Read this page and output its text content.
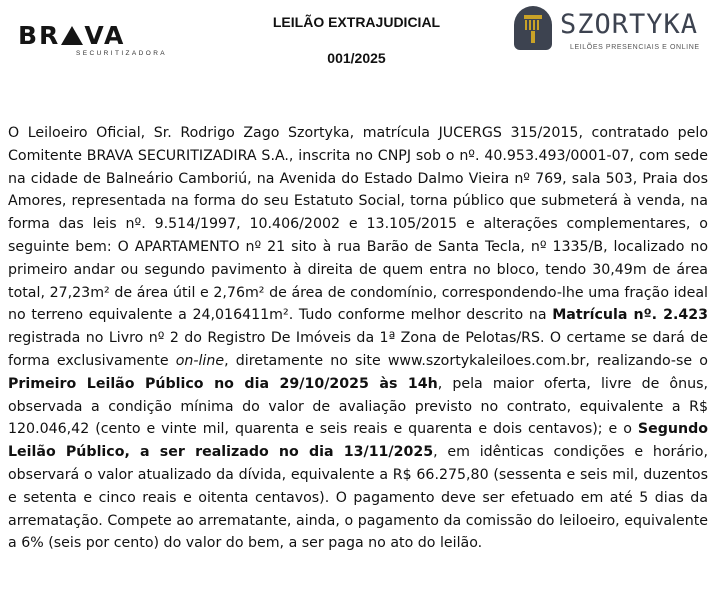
BR VA
SECURITIZADORA
LEILÃO EXTRAJUDICIAL
001/2025
SZORTYKA
LEILÕES PRESENCIAIS E ONLINE
O Leiloeiro Oficial, Sr. Rodrigo Zago Szortyka, matrícula JUCERGS 315/2015, contratado pelo Comitente BRAVA SECURITIZADIRA S.A., inscrita no CNPJ sob o nº. 40.953.493/0001-07, com sede na cidade de Balneário Camboriú, na Avenida do Estado Dalmo Vieira nº 769, sala 503, Praia dos Amores, representada na forma do seu Estatuto Social, torna público que submeterá à venda, na forma das leis nº. 9.514/1997, 10.406/2002 e 13.105/2015 e alterações complementares, o seguinte bem: O APARTAMENTO nº 21 sito à rua Barão de Santa Tecla, nº 1335/B, localizado no primeiro andar ou segundo pavimento à direita de quem entra no bloco, tendo 30,49m de área total, 27,23m² de área útil e 2,76m² de área de condomínio, correspondendo-lhe uma fração ideal no terreno equivalente a 24,016411m². Tudo conforme melhor descrito na Matrícula nº. 2.423 registrada no Livro nº 2 do Registro De Imóveis da 1ª Zona de Pelotas/RS. O certame se dará de forma exclusivamente on-line, diretamente no site www.szortykaleiloes.com.br, realizando-se o Primeiro Leilão Público no dia 29/10/2025 às 14h, pela maior oferta, livre de ônus, observada a condição mínima do valor de avaliação previsto no contrato, equivalente a R$ 120.046,42 (cento e vinte mil, quarenta e seis reais e quarenta e dois centavos); e o Segundo Leilão Público, a ser realizado no dia 13/11/2025, em idênticas condições e horário, observará o valor atualizado da dívida, equivalente a R$ 66.275,80 (sessenta e seis mil, duzentos e setenta e cinco reais e oitenta centavos). O pagamento deve ser efetuado em até 5 dias da arrematação. Compete ao arrematante, ainda, o pagamento da comissão do leiloeiro, equivalente a 6% (seis por cento) do valor do bem, a ser paga no ato do leilão.
